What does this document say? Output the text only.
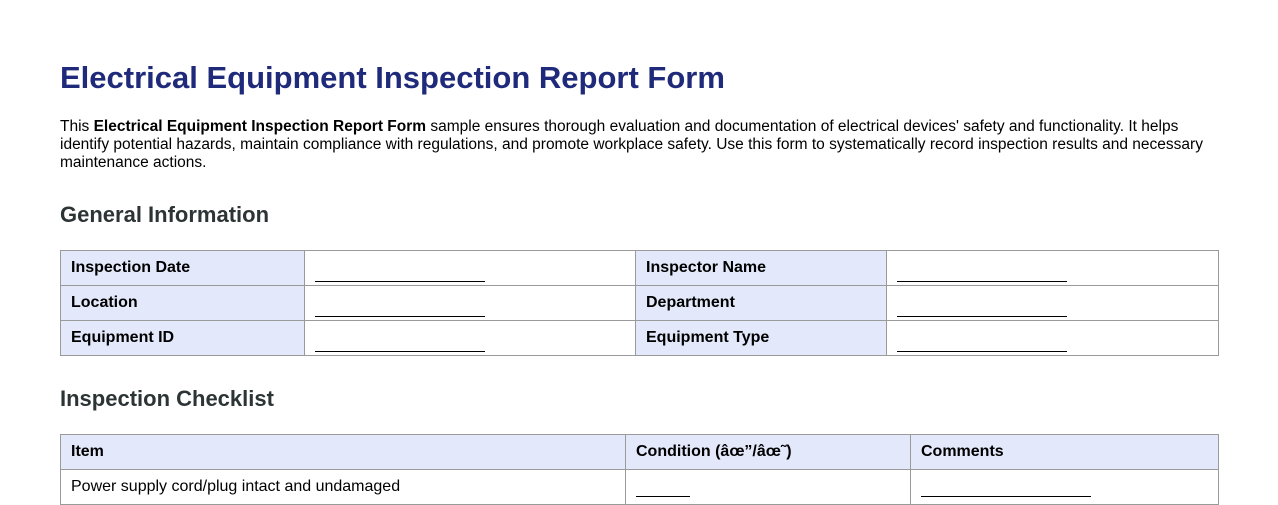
Electrical Equipment Inspection Report Form

This Electrical Equipment Inspection Report Form sample ensures thorough evaluation and documentation of electrical devices' safety and functionality. It helps identify potential hazards, maintain compliance with regulations, and promote workplace safety. Use this form to systematically record inspection results and necessary maintenance actions.

General Information
Inspection Date		Inspector Name	
Location		Department	
Equipment ID		Equipment Type	
Inspection Checklist
Item	Condition (âœ”/âœ˜)	Comments
Power supply cord/plug intact and undamaged		
